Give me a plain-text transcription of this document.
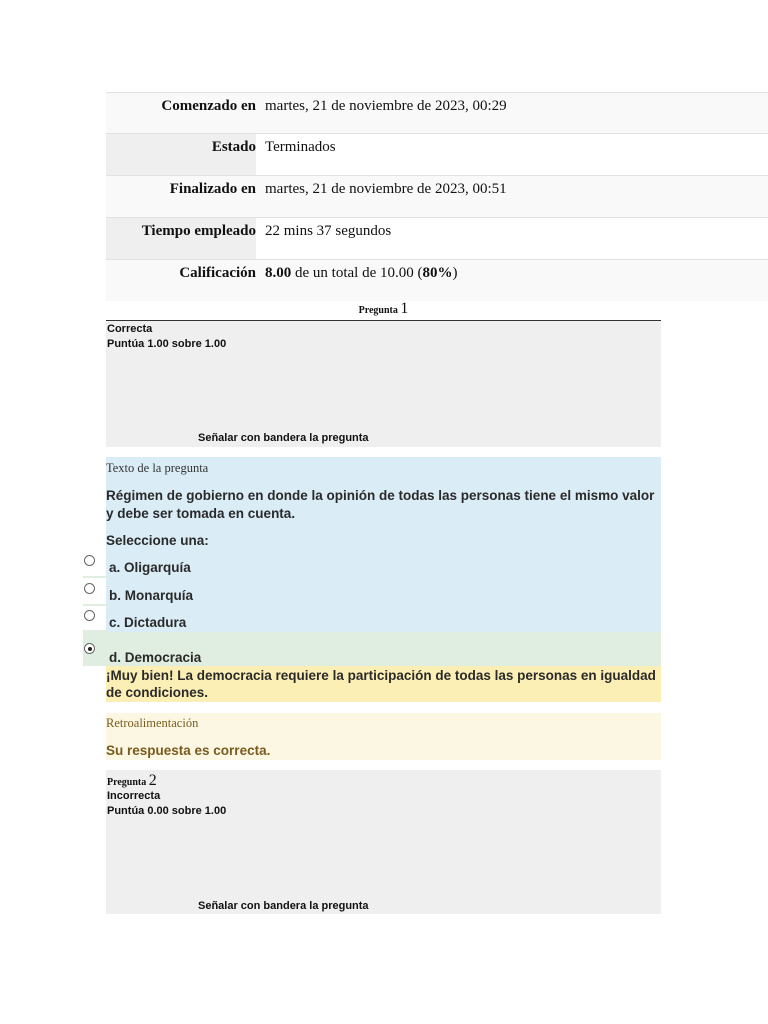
Comenzado en martes, 21 de noviembre de 2023, 00:29
Estado Terminados
Finalizado en martes, 21 de noviembre de 2023, 00:51
Tiempo empleado 22 mins 37 segundos
Calificación 8.00 de un total de 10.00 (80%)
Pregunta 1
Correcta
Puntúa 1.00 sobre 1.00
Señalar con bandera la pregunta
Texto de la pregunta
Régimen de gobierno en donde la opinión de todas las personas tiene el mismo valor y debe ser tomada en cuenta.
Seleccione una:
a. Oligarquía
b. Monarquía
c. Dictadura
d. Democracia
¡Muy bien! La democracia requiere la participación de todas las personas en igualdad de condiciones.
Retroalimentación
Su respuesta es correcta.
Pregunta 2
Incorrecta
Puntúa 0.00 sobre 1.00
Señalar con bandera la pregunta
